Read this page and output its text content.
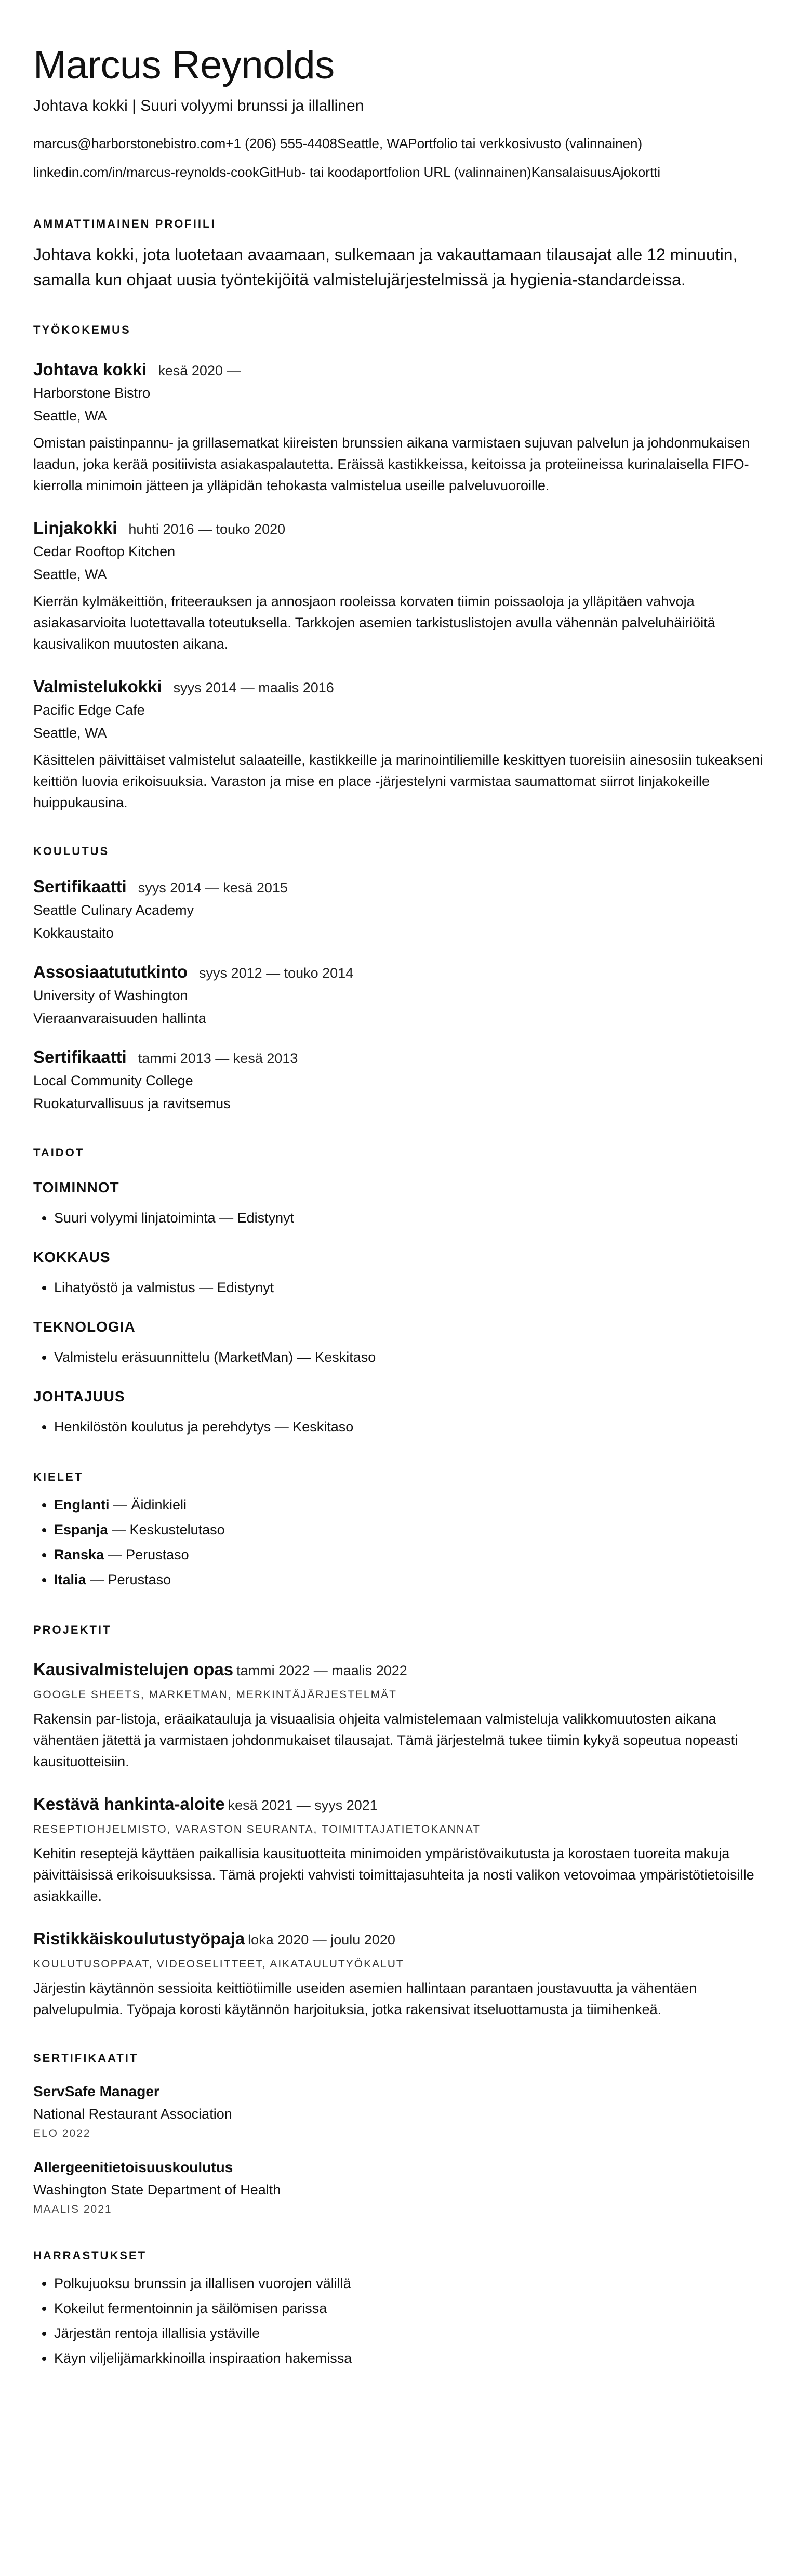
Marcus Reynolds
Johtava kokki | Suuri volyymi brunssi ja illallinen
marcus@harborstonebistro.com+1 (206) 555-4408Seattle, WAPortfolio tai verkkosivusto (valinnainen)
linkedin.com/in/marcus-reynolds-cookGitHub- tai koodaportfolion URL (valinnainen)KansalaisuusAjokortti
AMMATTIMAINEN PROFIILI
Johtava kokki, jota luotetaan avaamaan, sulkemaan ja vakauttamaan tilausajat alle 12 minuutin, samalla kun ohjaat uusia työntekijöitä valmistelujärjestelmissä ja hygienia-standardeissa.
TYÖKOKEMUS
Johtava kokki kesä 2020 —
Harborstone Bistro
Seattle, WA
Omistan paistinpannu- ja grillasematkat kiireisten brunssien aikana varmistaen sujuvan palvelun ja johdonmukaisen laadun, joka kerää positiivista asiakaspalautetta. Eräissä kastikkeissa, keitoissa ja proteiineissa kurinalaisella FIFO-kierrolla minimoin jätteen ja ylläpidän tehokasta valmistelua useille palveluvuoroille.
Linjakokki huhti 2016 — touko 2020
Cedar Rooftop Kitchen
Seattle, WA
Kierrän kylmäkeittiön, friteerauksen ja annosjaon rooleissa korvaten tiimin poissaoloja ja ylläpitäen vahvoja asiakasarvioita luotettavalla toteutuksella. Tarkkojen asemien tarkistuslistojen avulla vähennän palveluhäiriöitä kausivalikon muutosten aikana.
Valmistelukokki syys 2014 — maalis 2016
Pacific Edge Cafe
Seattle, WA
Käsittelen päivittäiset valmistelut salaateille, kastikkeille ja marinointiliemille keskittyen tuoreisiin ainesosiin tukeakseni keittiön luovia erikoisuuksia. Varaston ja mise en place -järjestelyni varmistaa saumattomat siirrot linjakokeille huippukausina.
KOULUTUS
Sertifikaatti syys 2014 — kesä 2015
Seattle Culinary Academy
Kokkaustaito
Assosiaatututkinto syys 2012 — touko 2014
University of Washington
Vieraanvaraisuuden hallinta
Sertifikaatti tammi 2013 — kesä 2013
Local Community College
Ruokaturvallisuus ja ravitsemus
TAIDOT
TOIMINNOT
• Suuri volyymi linjatoiminta — Edistynyt
KOKKAUS
• Lihatyöstö ja valmistus — Edistynyt
TEKNOLOGIA
• Valmistelu eräsuunnittelu (MarketMan) — Keskitaso
JOHTAJUUS
• Henkilöstön koulutus ja perehdytys — Keskitaso
KIELET
• Englanti — Äidinkieli
• Espanja — Keskustelutaso
• Ranska — Perustaso
• Italia — Perustaso
PROJEKTIT
Kausivalmistelujen opas tammi 2022 — maalis 2022
GOOGLE SHEETS, MARKETMAN, MERKINTÄJÄRJESTELMÄT
Rakensin par-listoja, eräaikatauluja ja visuaalisia ohjeita valmistelemaan valmisteluja valikkomuutosten aikana vähentäen jätettä ja varmistaen johdonmukaiset tilausajat. Tämä järjestelmä tukee tiimin kykyä sopeutua nopeasti kausituotteisiin.
Kestävä hankinta-aloite kesä 2021 — syys 2021
RESEPTIOHJELMISTO, VARASTON SEURANTA, TOIMITTAJATIETOKANNAT
Kehitin reseptejä käyttäen paikallisia kausituotteita minimoiden ympäristövaikutusta ja korostaen tuoreita makuja päivittäisissä erikoisuuksissa. Tämä projekti vahvisti toimittajasuhteita ja nosti valikon vetovoimaa ympäristötietoisille asiakkaille.
Ristikkäiskoulutustyöpaja loka 2020 — joulu 2020
KOULUTUSOPPAAT, VIDEOSELITTEET, AIKATAULUTYÖKALUT
Järjestin käytännön sessioita keittiötiimille useiden asemien hallintaan parantaen joustavuutta ja vähentäen palvelupulmia. Työpaja korosti käytännön harjoituksia, jotka rakensivat itseluottamusta ja tiimihenkeä.
SERTIFIKAATIT
ServSafe Manager
National Restaurant Association
ELO 2022
Allergeenitietoisuuskoulutus
Washington State Department of Health
MAALIS 2021
HARRASTUKSET
• Polkujuoksu brunssin ja illallisen vuorojen välillä
• Kokeilut fermentoinnin ja säilömisen parissa
• Järjestän rentoja illallisia ystäville
• Käyn viljelijämarkkinoilla inspiraation hakemissa
